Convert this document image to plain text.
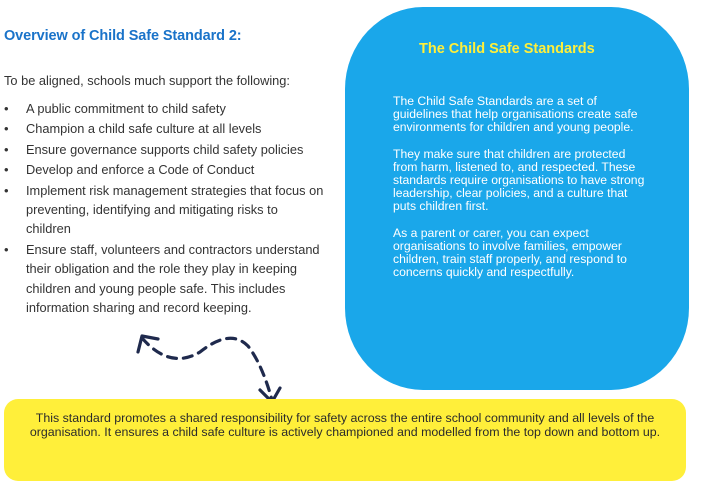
Overview of Child Safe Standard 2:

To be aligned, schools much support the following:

• A public commitment to child safety
• Champion a child safe culture at all levels
• Ensure governance supports child safety policies
• Develop and enforce a Code of Conduct
• Implement risk management strategies that focus on preventing, identifying and mitigating risks to children
• Ensure staff, volunteers and contractors understand their obligation and the role they play in keeping children and young people safe. This includes information sharing and record keeping.
The Child Safe Standards

The Child Safe Standards are a set of guidelines that help organisations create safe environments for children and young people.

They make sure that children are protected from harm, listened to, and respected. These standards require organisations to have strong leadership, clear policies, and a culture that puts children first.

As a parent or carer, you can expect organisations to involve families, empower children, train staff properly, and respond to concerns quickly and respectfully.

This standard promotes a shared responsibility for safety across the entire school community and all levels of the organisation. It ensures a child safe culture is actively championed and modelled from the top down and bottom up.
